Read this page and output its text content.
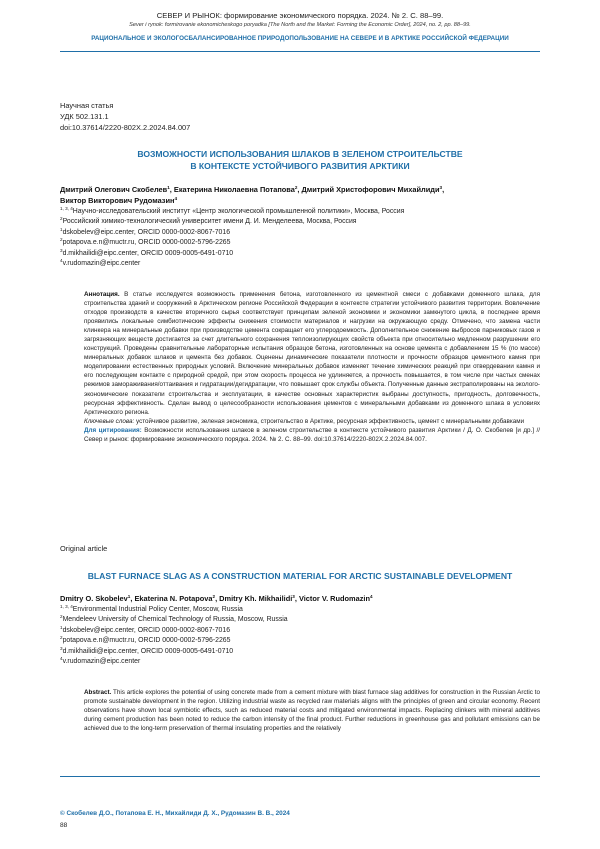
СЕВЕР И РЫНОК: формирование экономического порядка. 2024. № 2. С. 88–99.
Sever i rynok: formirovanie ekonomicheskogo poryadka [The North and the Market: Forming the Economic Order], 2024, no. 2, pp. 88–99.
РАЦИОНАЛЬНОЕ И ЭКОЛОГОСБАЛАНСИРОВАННОЕ ПРИРОДОПОЛЬЗОВАНИЕ НА СЕВЕРЕ И В АРКТИКЕ РОССИЙСКОЙ ФЕДЕРАЦИИ
Научная статья
УДК 502.131.1
doi:10.37614/2220-802X.2.2024.84.007
ВОЗМОЖНОСТИ ИСПОЛЬЗОВАНИЯ ШЛАКОВ В ЗЕЛЕНОМ СТРОИТЕЛЬСТВЕ
В КОНТЕКСТЕ УСТОЙЧИВОГО РАЗВИТИЯ АРКТИКИ
Дмитрий Олегович Скобелев$^1$, Екатерина Николаевна Потапова$^2$, Дмитрий Христофорович Михайлиди$^3$,
Виктор Викторович Рудомазин$^4$
$^{1, 3, 4}$Научно-исследовательский институт «Центр экологической промышленной политики», Москва, Россия
$^2$Российский химико-технологический университет имени Д. И. Менделеева, Москва, Россия
$^1$dskobelev@eipc.center, ORCID 0000-0002-8067-7016
$^2$potapova.e.n@muctr.ru, ORCID 0000-0002-5796-2265
$^3$d.mikhailidi@eipc.center, ORCID 0009-0005-6491-0710
$^4$v.rudomazin@eipc.center

Аннотация. В статье исследуется возможность применения бетона, изготовленного из цементной смеси с добавками доменного шлака, для строительства зданий и сооружений в Арктическом регионе Российской Федерации в контексте стратегии устойчивого развития территории. Вовлечение отходов производств в качестве вторичного сырья соответствует принципам зеленой экономики и экономики замкнутого цикла, в последнее время проявились локальные симбиотические эффекты снижения стоимости материалов и нагрузки на окружающую среду. Отмечено, что замена части клинкера на минеральные добавки при производстве цемента сокращает его углеродоемкость. Дополнительное снижение выбросов парниковых газов и загрязняющих веществ достигается за счет длительного сохранения теплоизолирующих свойств объекта при относительно медленном разрушении его конструкций. Проведены сравнительные лабораторные испытания образцов бетона, изготовленных на основе цемента с добавлением 15 % (по массе) минеральных добавок шлаков и цемента без добавок. Оценены динамические показатели плотности и прочности образцов цементного камня при моделировании естественных природных условий. Включение минеральных добавок изменяет течение химических реакций при отвердевании камня и его последующем контакте с природной средой, при этом скорость процесса не удлиняется, а прочность повышается, в том числе при частых сменах режимов замораживания/оттаивания и гидратации/дегидратации, что повышает срок службы объекта. Полученные данные экстраполированы на эколого-экономические показатели строительства и эксплуатации, в качестве основных характеристик выбраны доступность, пригодность, долговечность, ресурсная эффективность. Сделан вывод о целесообразности использования цементов с минеральными добавками из доменного шлака в условиях Арктического региона.

Ключевые слова: устойчивое развитие, зеленая экономика, строительство в Арктике, ресурсная эффективность, цемент с минеральными добавками

Для цитирования: Возможности использования шлаков в зеленом строительстве в контексте устойчивого развития Арктики / Д. О. Скобелев [и др.] // Север и рынок: формирование экономического порядка. 2024. № 2. С. 88–99. doi:10.37614/2220-802X.2.2024.84.007.

Original article
BLAST FURNACE SLAG AS A CONSTRUCTION MATERIAL FOR ARCTIC SUSTAINABLE DEVELOPMENT
Dmitry O. Skobelev$^1$, Ekaterina N. Potapova$^2$, Dmitry Kh. Mikhailidi$^3$, Victor V. Rudomazin$^4$
$^{1, 3, 4}$Environmental Industrial Policy Center, Moscow, Russia
$^2$Mendeleev University of Chemical Technology of Russia, Moscow, Russia
$^1$dskobelev@eipc.center, ORCID 0000-0002-8067-7016
$^2$potapova.e.n@muctr.ru, ORCID 0000-0002-5796-2265
$^3$d.mikhailidi@eipc.center, ORCID 0009-0005-6491-0710
$^4$v.rudomazin@eipc.center

Abstract. This article explores the potential of using concrete made from a cement mixture with blast furnace slag additives for construction in the Russian Arctic to promote sustainable development in the region. Utilizing industrial waste as recycled raw materials aligns with the principles of green and circular economy. Recent observations have shown local symbiotic effects, such as reduced material costs and mitigated environmental impacts. Replacing clinkers with mineral additives during cement production has been noted to reduce the carbon intensity of the final product. Further reductions in greenhouse gas and pollutant emissions can be achieved due to the long-term preservation of thermal insulating properties and the relatively

© Скобелев Д.О., Потапова Е. Н., Михайлиди Д. Х., Рудомазин В. В., 2024
88
